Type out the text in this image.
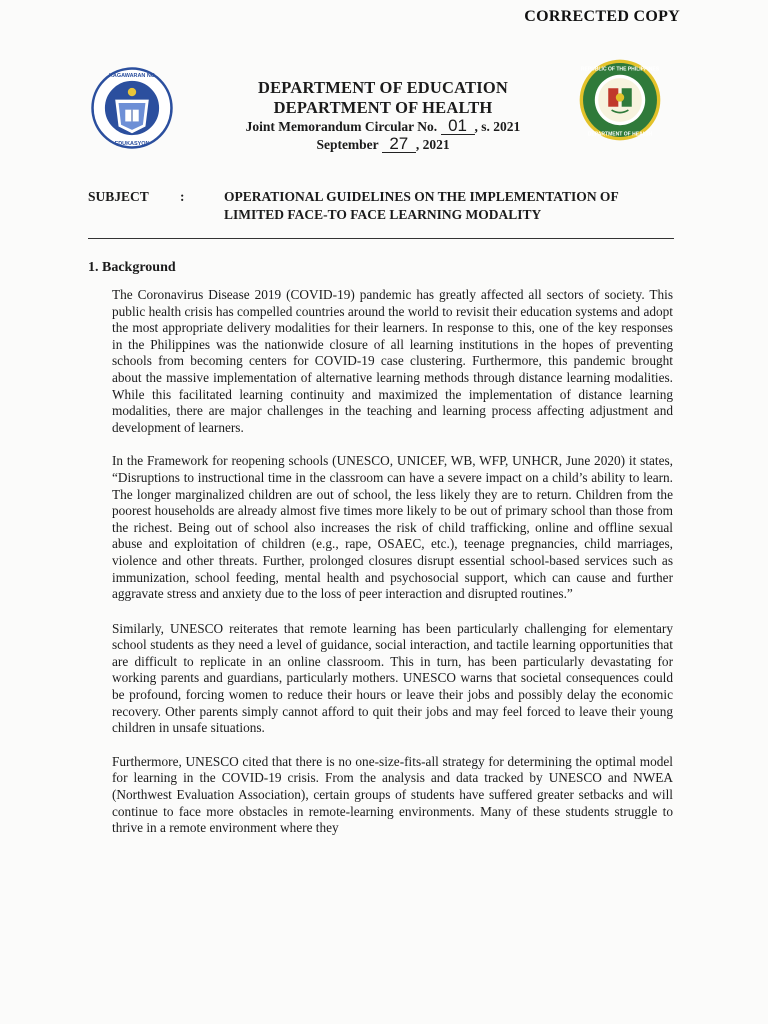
CORRECTED COPY
KAGAWARAN NG
EDUKASYON
REPUBLIC OF THE PHILIPPINES
DEPARTMENT OF HEALTH
DEPARTMENT OF EDUCATION
DEPARTMENT OF HEALTH
Joint Memorandum Circular No. 01 , s. 2021
September 27 , 2021
SUBJECT :	OPERATIONAL GUIDELINES ON THE IMPLEMENTATION OF LIMITED FACE-TO FACE LEARNING MODALITY
1. Background

The Coronavirus Disease 2019 (COVID-19) pandemic has greatly affected all sectors of society. This public health crisis has compelled countries around the world to revisit their education systems and adopt the most appropriate delivery modalities for their learners. In response to this, one of the key responses in the Philippines was the nationwide closure of all learning institutions in the hopes of preventing schools from becoming centers for COVID-19 case clustering. Furthermore, this pandemic brought about the massive implementation of alternative learning methods through distance learning modalities. While this facilitated learning continuity and maximized the implementation of distance learning modalities, there are major challenges in the teaching and learning process affecting adjustment and development of learners.

In the Framework for reopening schools (UNESCO, UNICEF, WB, WFP, UNHCR, June 2020) it states, “Disruptions to instructional time in the classroom can have a severe impact on a child’s ability to learn. The longer marginalized children are out of school, the less likely they are to return. Children from the poorest households are already almost five times more likely to be out of primary school than those from the richest. Being out of school also increases the risk of child trafficking, online and offline sexual abuse and exploitation of children (e.g., rape, OSAEC, etc.), teenage pregnancies, child marriages, violence and other threats. Further, prolonged closures disrupt essential school-based services such as immunization, school feeding, mental health and psychosocial support, which can cause and further aggravate stress and anxiety due to the loss of peer interaction and disrupted routines.”

Similarly, UNESCO reiterates that remote learning has been particularly challenging for elementary school students as they need a level of guidance, social interaction, and tactile learning opportunities that are difficult to replicate in an online classroom. This in turn, has been particularly devastating for working parents and guardians, particularly mothers. UNESCO warns that societal consequences could be profound, forcing women to reduce their hours or leave their jobs and possibly delay the economic recovery. Other parents simply cannot afford to quit their jobs and may feel forced to leave their young children in unsafe situations.

Furthermore, UNESCO cited that there is no one-size-fits-all strategy for determining the optimal model for learning in the COVID-19 crisis. From the analysis and data tracked by UNESCO and NWEA (Northwest Evaluation Association), certain groups of students have suffered greater setbacks and will continue to face more obstacles in remote-learning environments. Many of these students struggle to thrive in a remote environment where they
